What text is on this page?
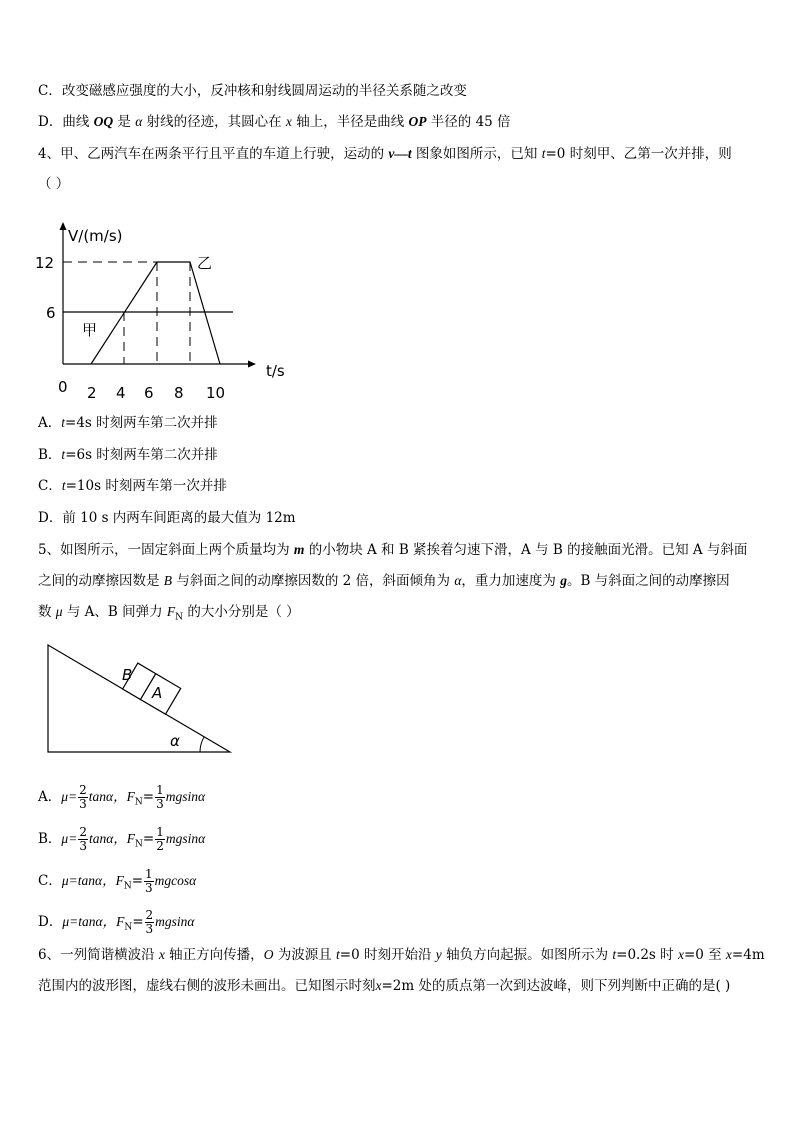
C．改变磁感应强度的大小，反冲核和射线圆周运动的半径关系随之改变
D．曲线 OQ 是 α 射线的径迹，其圆心在 x 轴上，半径是曲线 OP 半径的 45 倍
4、甲、乙两汽车在两条平行且平直的车道上行驶，运动的 v—t 图象如图所示，已知 t=0 时刻甲、乙第一次并排，则
（ ）
V/(m/s)
t/s
12
6
0 2 4 6 8 10
甲
乙
A．t=4s 时刻两车第二次并排
B．t=6s 时刻两车第二次并排
C．t=10s 时刻两车第一次并排
D．前 10 s 内两车间距离的最大值为 12m
5、如图所示，一固定斜面上两个质量均为 m 的小物块 A 和 B 紧挨着匀速下滑，A 与 B 的接触面光滑。已知 A 与斜面
之间的动摩擦因数是 B 与斜面之间的动摩擦因数的 2 倍，斜面倾角为 α，重力加速度为 g。B 与斜面之间的动摩擦因
数 μ 与 A、B 间弹力 $F_N$ 的大小分别是（ ）
B
A
α
A．$\mu= \frac{2}{3}$ tanα，$F_N= \frac{1}{3}$ mgsinα
B．$\mu= \frac{2}{3}$ tanα，$F_N= \frac{1}{2}$ mgsinα
C．μ=tanα，$F_N= \frac{1}{3}$ mgcosα
D．μ=tanα，$F_N= \frac{2}{3}$ mgsinα
6、一列简谐横波沿 x 轴正方向传播，O 为波源且 t=0 时刻开始沿 y 轴负方向起振。如图所示为 t=0.2s 时 x=0 至 x=4m
范围内的波形图，虚线右侧的波形未画出。已知图示时刻x=2m 处的质点第一次到达波峰，则下列判断中正确的是( )
